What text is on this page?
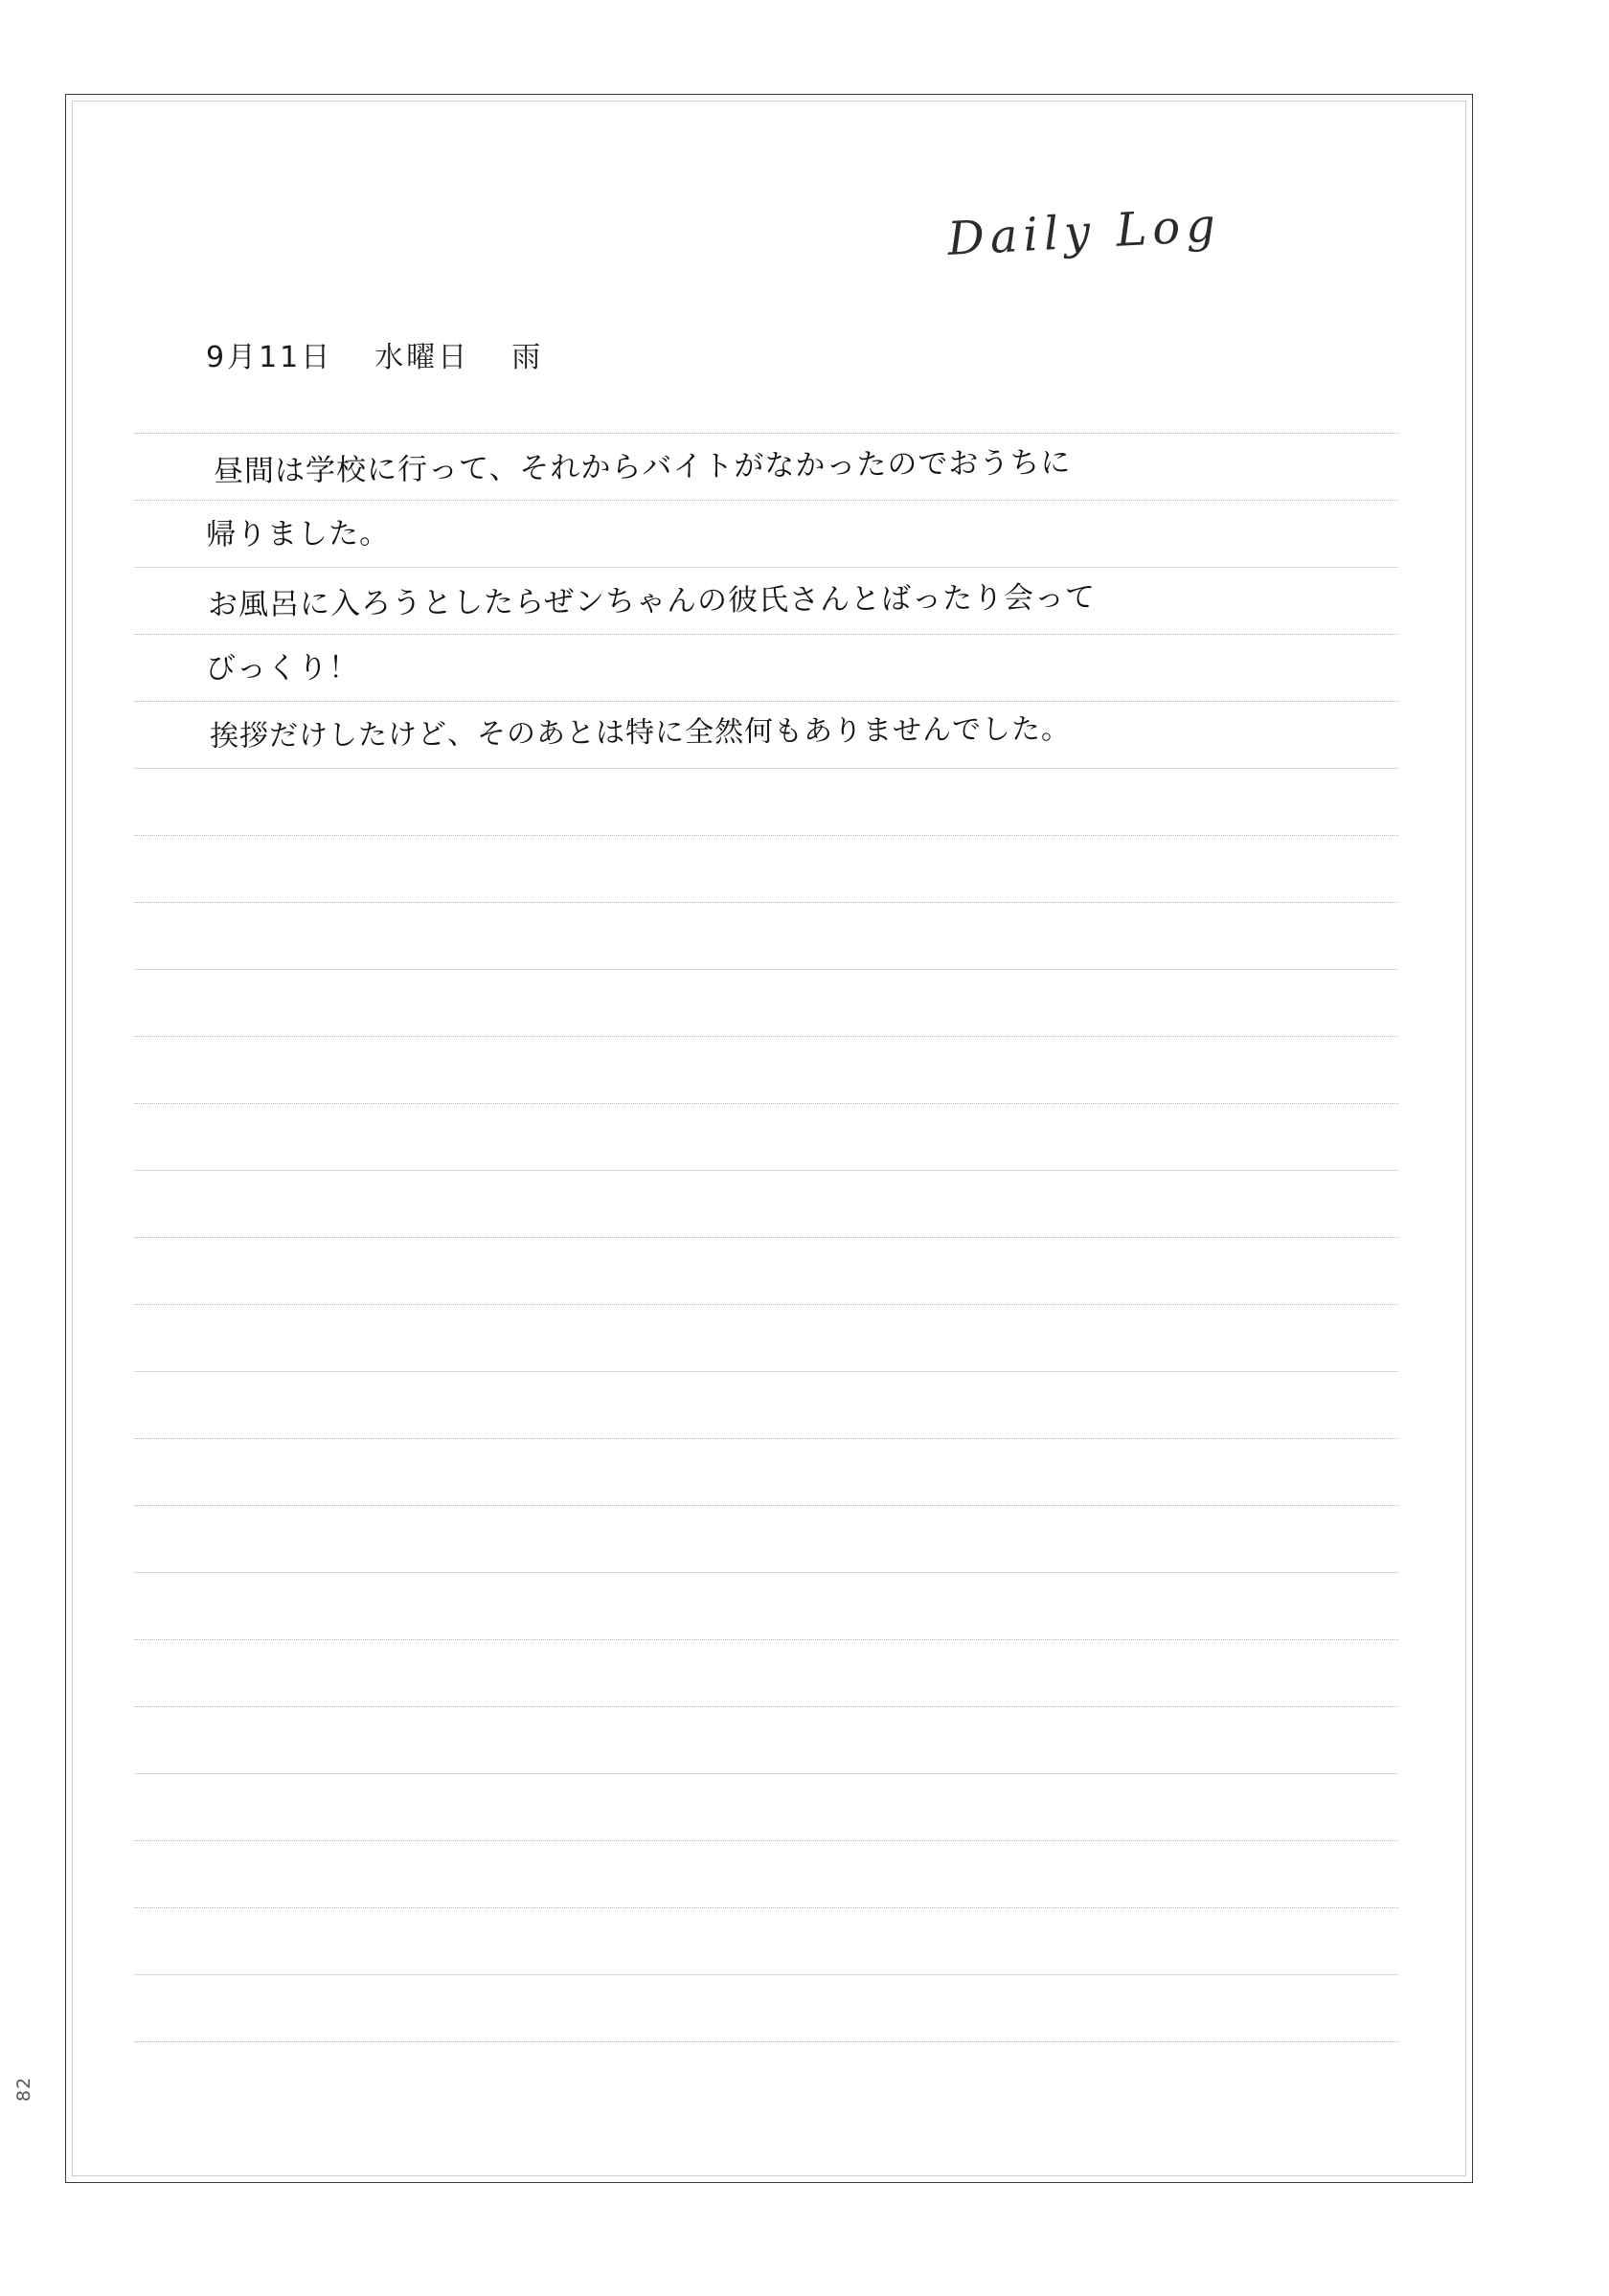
Daily Log
9月11日 水曜日 雨
昼間は学校に行って、それからバイトがなかったのでおうちに
帰りました。
お風呂に入ろうとしたらぜンちゃんの彼氏さんとばったり会って
びっくり！
挨拶だけしたけど、そのあとは特に全然何もありませんでした。
82
